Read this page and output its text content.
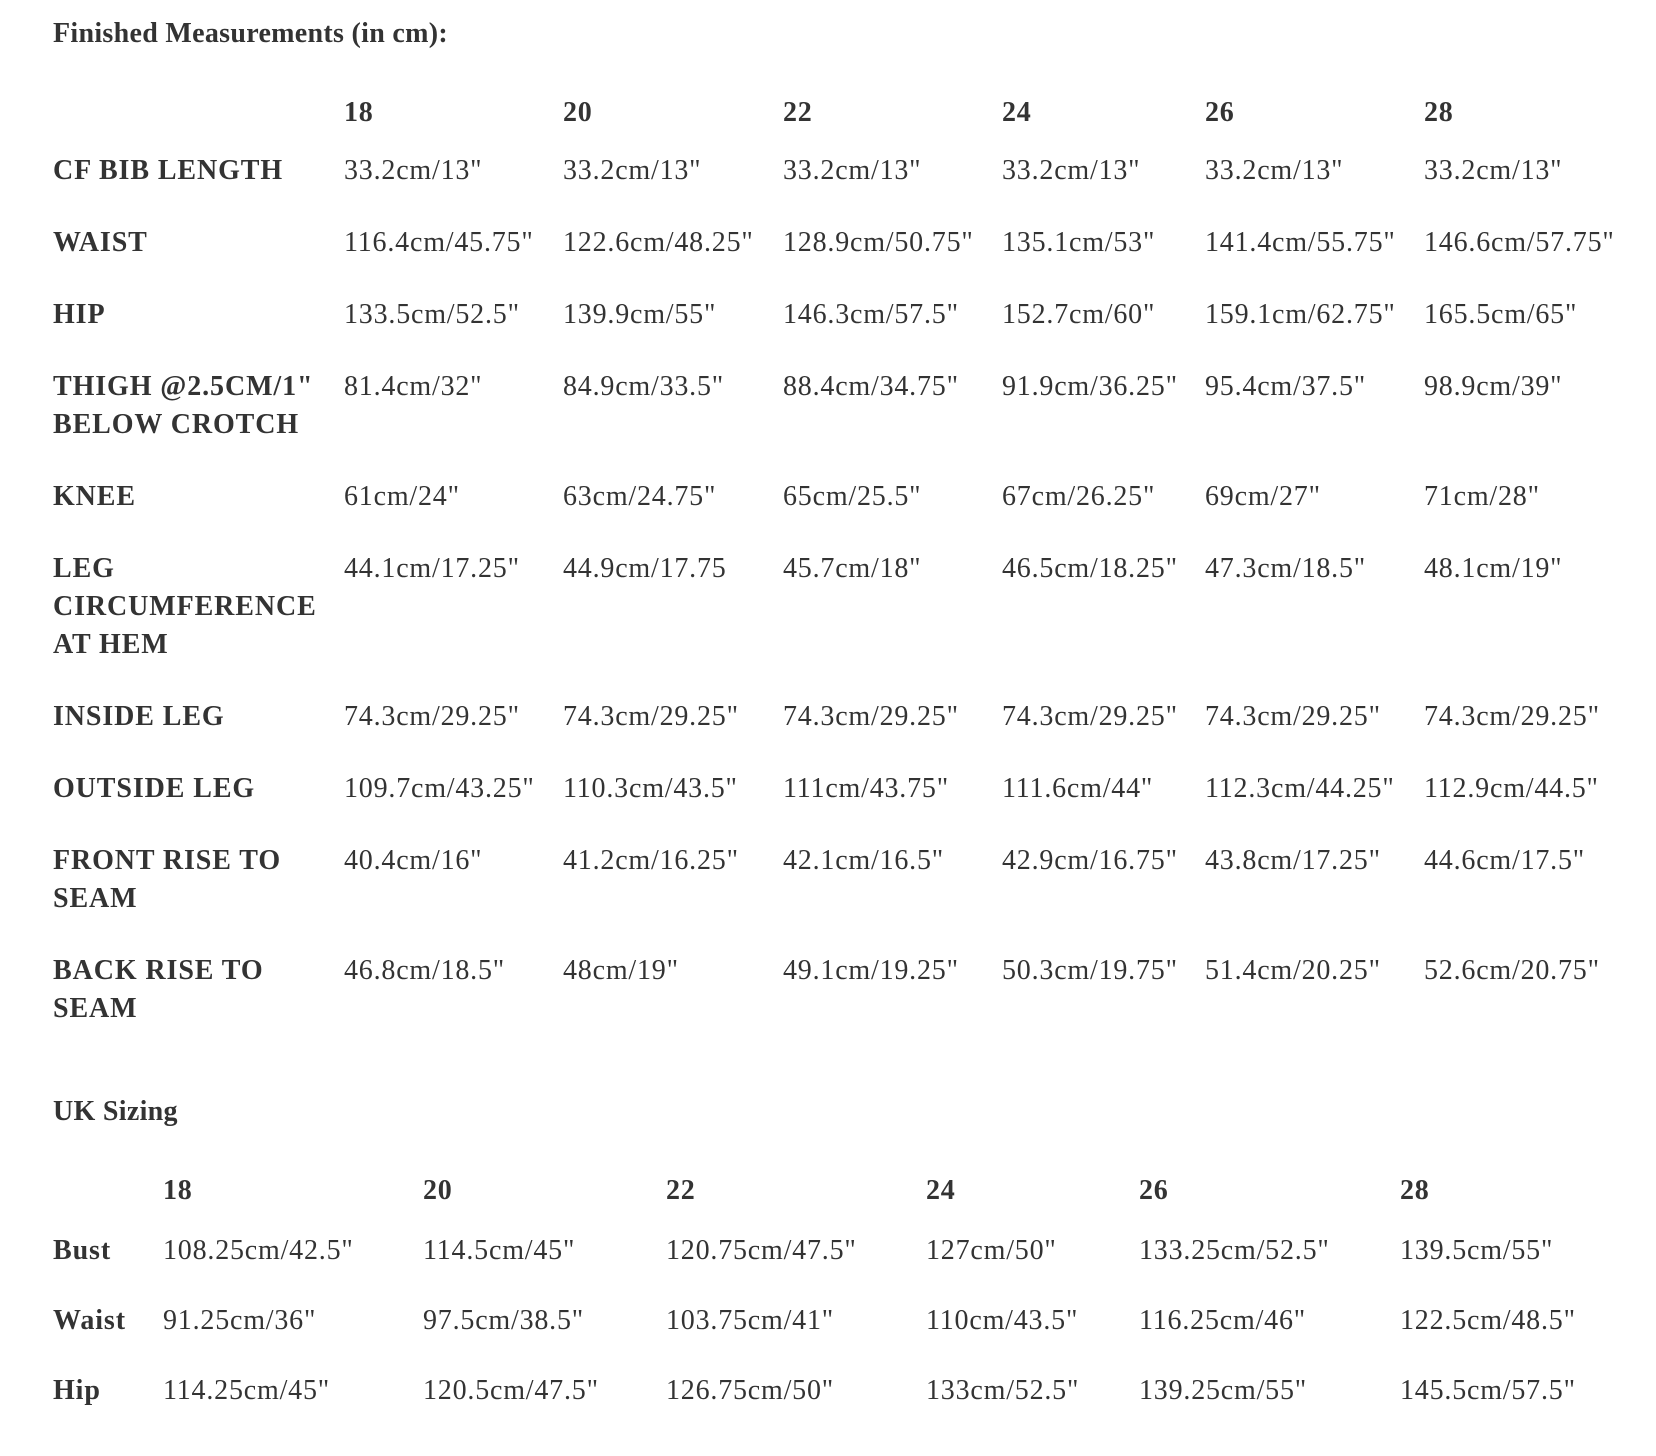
Finished Measurements (in cm):
	18	20	22	24	26	28
CF BIB LENGTH	33.2cm/13"	33.2cm/13"	33.2cm/13"	33.2cm/13"	33.2cm/13"	33.2cm/13"
WAIST	116.4cm/45.75"	122.6cm/48.25"	128.9cm/50.75"	135.1cm/53"	141.4cm/55.75"	146.6cm/57.75"
HIP	133.5cm/52.5"	139.9cm/55"	146.3cm/57.5"	152.7cm/60"	159.1cm/62.75"	165.5cm/65"
THIGH @2.5CM/1" BELOW CROTCH	81.4cm/32"	84.9cm/33.5"	88.4cm/34.75"	91.9cm/36.25"	95.4cm/37.5"	98.9cm/39"
KNEE	61cm/24"	63cm/24.75"	65cm/25.5"	67cm/26.25"	69cm/27"	71cm/28"
LEG CIRCUMFERENCE AT HEM	44.1cm/17.25"	44.9cm/17.75	45.7cm/18"	46.5cm/18.25"	47.3cm/18.5"	48.1cm/19"
INSIDE LEG	74.3cm/29.25"	74.3cm/29.25"	74.3cm/29.25"	74.3cm/29.25"	74.3cm/29.25"	74.3cm/29.25"
OUTSIDE LEG	109.7cm/43.25"	110.3cm/43.5"	111cm/43.75"	111.6cm/44"	112.3cm/44.25"	112.9cm/44.5"
FRONT RISE TO SEAM	40.4cm/16"	41.2cm/16.25"	42.1cm/16.5"	42.9cm/16.75"	43.8cm/17.25"	44.6cm/17.5"
BACK RISE TO SEAM	46.8cm/18.5"	48cm/19"	49.1cm/19.25"	50.3cm/19.75"	51.4cm/20.25"	52.6cm/20.75"
UK Sizing
	18	20	22	24	26	28
Bust	108.25cm/42.5"	114.5cm/45"	120.75cm/47.5"	127cm/50"	133.25cm/52.5"	139.5cm/55"
Waist	91.25cm/36"	97.5cm/38.5"	103.75cm/41"	110cm/43.5"	116.25cm/46"	122.5cm/48.5"
Hip	114.25cm/45"	120.5cm/47.5"	126.75cm/50"	133cm/52.5"	139.25cm/55"	145.5cm/57.5"
